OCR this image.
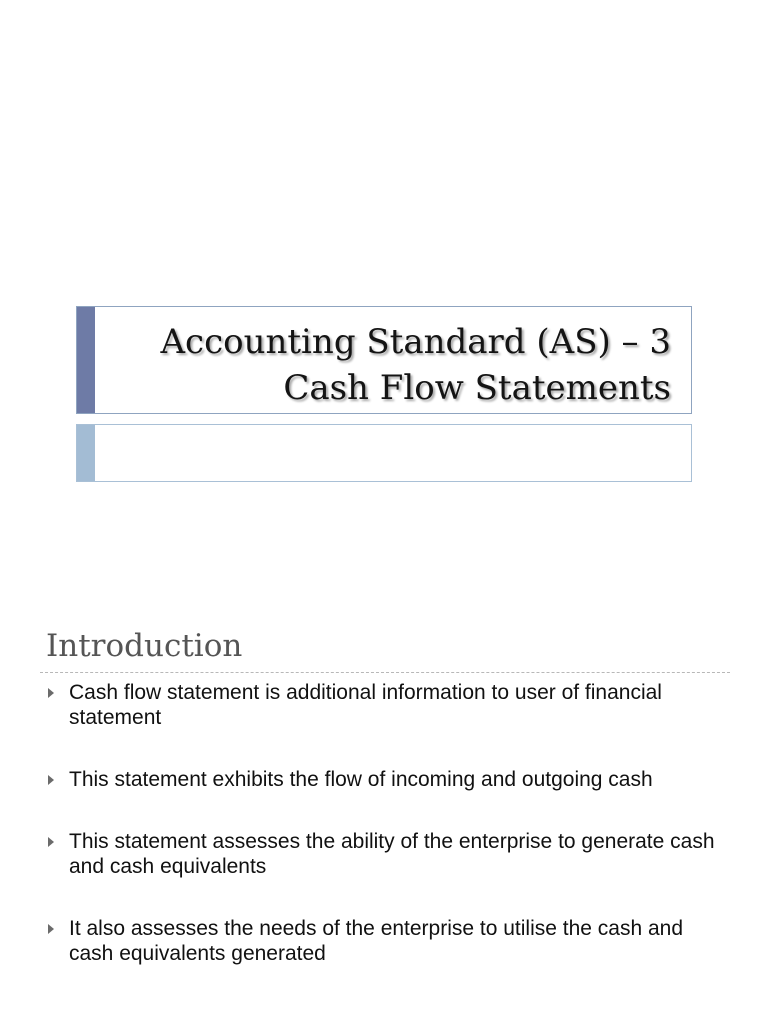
Accounting Standard (AS) – 3
Cash Flow Statements
Introduction
Cash flow statement is additional information to user of financial statement
This statement exhibits the flow of incoming and outgoing cash
This statement assesses the ability of the enterprise to generate cash and cash equivalents
It also assesses the needs of the enterprise to utilise the cash and cash equivalents generated
